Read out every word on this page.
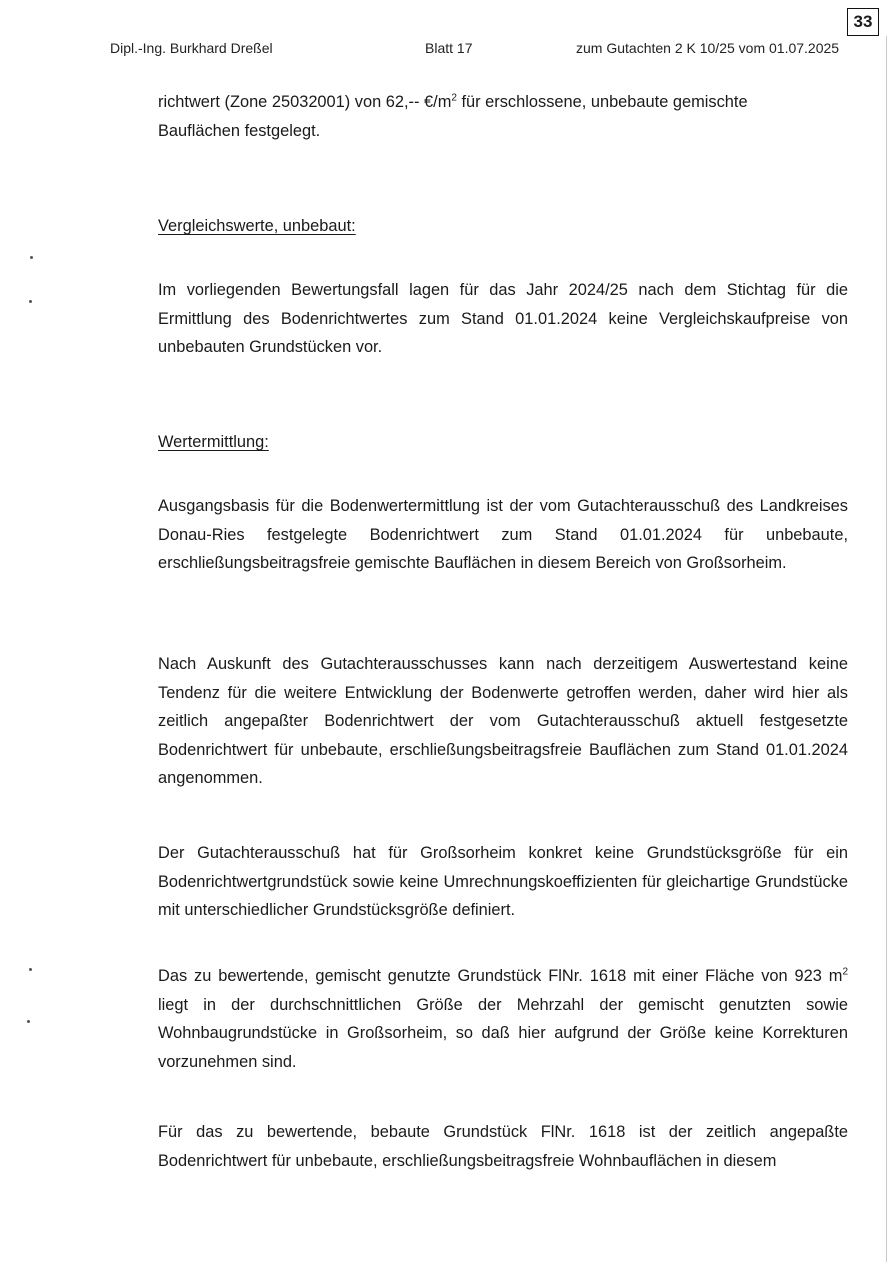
33
Dipl.-Ing. Burkhard Dreßel	Blatt 17	zum Gutachten 2 K 10/25 vom 01.07.2025

richtwert (Zone 25032001) von 62,-- $€/m^2$ für erschlossene, unbebaute gemischte
Bauflächen festgelegt.

Vergleichswerte, unbebaut:

Im vorliegenden Bewertungsfall lagen für das Jahr 2024/25 nach dem Stichtag für die Ermittlung des Bodenrichtwertes zum Stand 01.01.2024 keine Vergleichskaufpreise von unbebauten Grundstücken vor.

Wertermittlung:

Ausgangsbasis für die Bodenwertermittlung ist der vom Gutachterausschuß des Landkreises Donau-Ries festgelegte Bodenrichtwert zum Stand 01.01.2024 für unbebaute, erschließungsbeitragsfreie gemischte Bauflächen in diesem Bereich von Großsorheim.

Nach Auskunft des Gutachterausschusses kann nach derzeitigem Auswertestand keine Tendenz für die weitere Entwicklung der Bodenwerte getroffen werden, daher wird hier als zeitlich angepaßter Bodenrichtwert der vom Gutachterausschuß aktuell festgesetzte Bodenrichtwert für unbebaute, erschließungsbeitragsfreie Bauflächen zum Stand 01.01.2024 angenommen.

Der Gutachterausschuß hat für Großsorheim konkret keine Grundstücksgröße für ein Bodenrichtwertgrundstück sowie keine Umrechnungskoeffizienten für gleichartige Grundstücke mit unterschiedlicher Grundstücksgröße definiert.

Das zu bewertende, gemischt genutzte Grundstück FlNr. 1618 mit einer Fläche von 923 $m^2$ liegt in der durchschnittlichen Größe der Mehrzahl der gemischt genutzten sowie Wohnbaugrundstücke in Großsorheim, so daß hier aufgrund der Größe keine Korrekturen vorzunehmen sind.

Für das zu bewertende, bebaute Grundstück FlNr. 1618 ist der zeitlich angepaßte Bodenrichtwert für unbebaute, erschließungsbeitragsfreie Wohnbauflächen in diesem
